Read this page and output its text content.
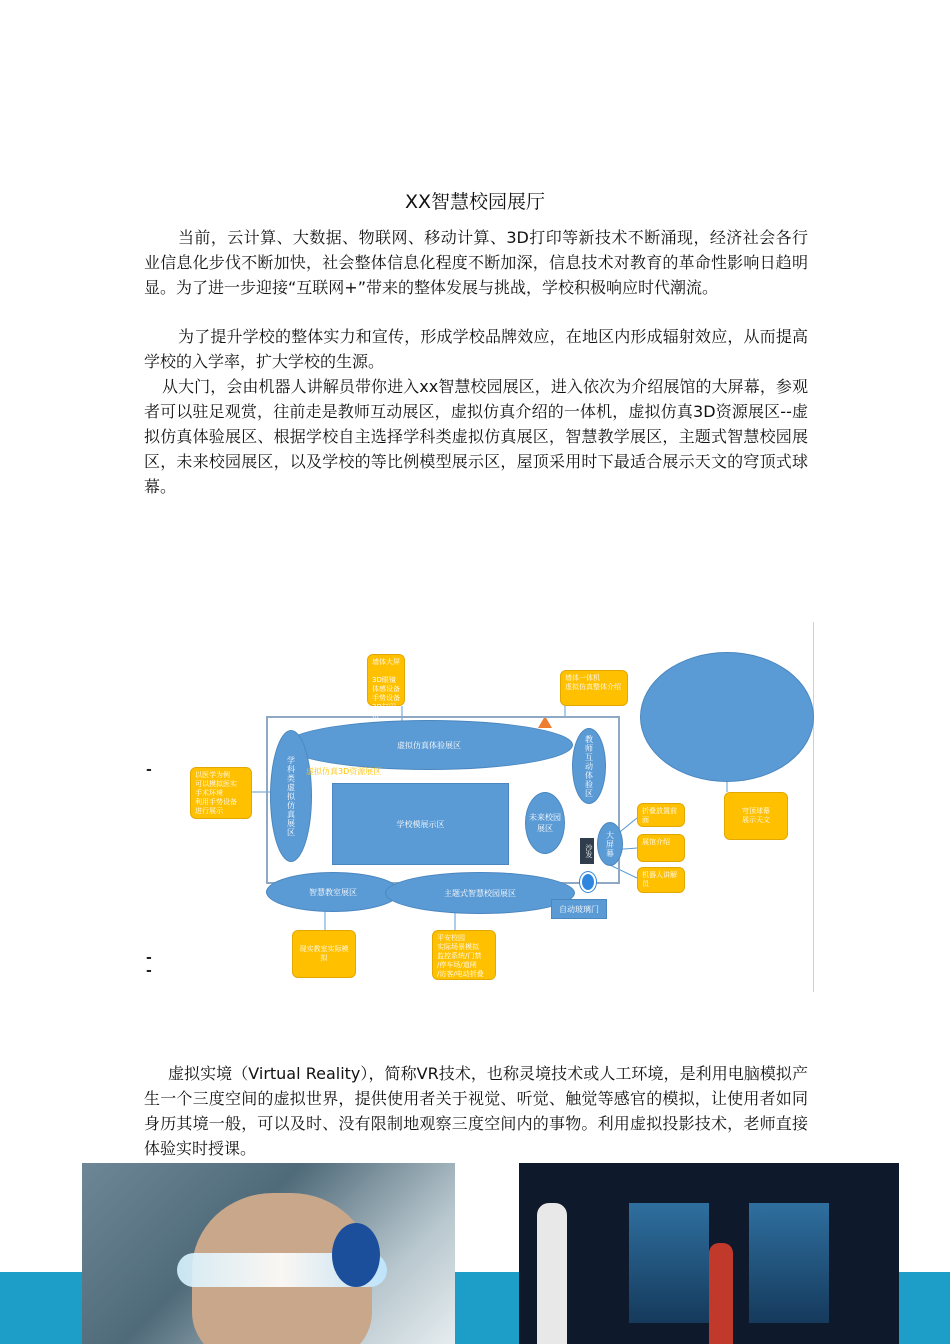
XX智慧校园展厅

当前，云计算、大数据、物联网、移动计算、3D打印等新技术不断涌现，经济社会各行业信息化步伐不断加快，社会整体信息化程度不断加深，信息技术对教育的革命性影响日趋明显。为了进一步迎接“互联网+”带来的整体发展与挑战，学校积极响应时代潮流。

为了提升学校的整体实力和宣传，形成学校品牌效应，在地区内形成辐射效应，从而提高学校的入学率，扩大学校的生源。

从大门，会由机器人讲解员带你进入xx智慧校园展区，进入依次为介绍展馆的大屏幕，参观者可以驻足观赏，往前走是教师互动展区，虚拟仿真介绍的一体机，虚拟仿真3D资源展区--虚拟仿真体验展区、根据学校自主选择学科类虚拟仿真展区，智慧教学展区，主题式智慧校园展区，未来校园展区，以及学校的等比例模型展示区，屋顶采用时下最适合展示天文的穹顶式球幕。

-
-
-
墙体大屏

3D眼镜 体感设备 手势设备 3D打印机
墙体一体机
虚拟仿真整体介绍
以医学为例
可以模拟医实
手术环境
利用手势设备
进行展示	折叠放置前面
展馆介绍
机器人讲解员
穹顶球幕
展示天文
现实教室实际模拟
平安校园
实际场景模拟
监控系统/门禁
/停车场/道闸
/访客/电动折叠
虚拟仿真体验展区
学科类虚拟仿真展区	虚拟仿真3D资源展区
学校模展示区
教师互动体验区
未来校园展区
大屏幕
沙发
智慧教室展区	主题式智慧校园展区
自动玻璃门

虚拟实境（Virtual Reality），简称VR技术，也称灵境技术或人工环境，是利用电脑模拟产生一个三度空间的虚拟世界，提供使用者关于视觉、听觉、触觉等感官的模拟，让使用者如同身历其境一般，可以及时、没有限制地观察三度空间内的事物。利用虚拟投影技术，老师直接体验实时授课。
